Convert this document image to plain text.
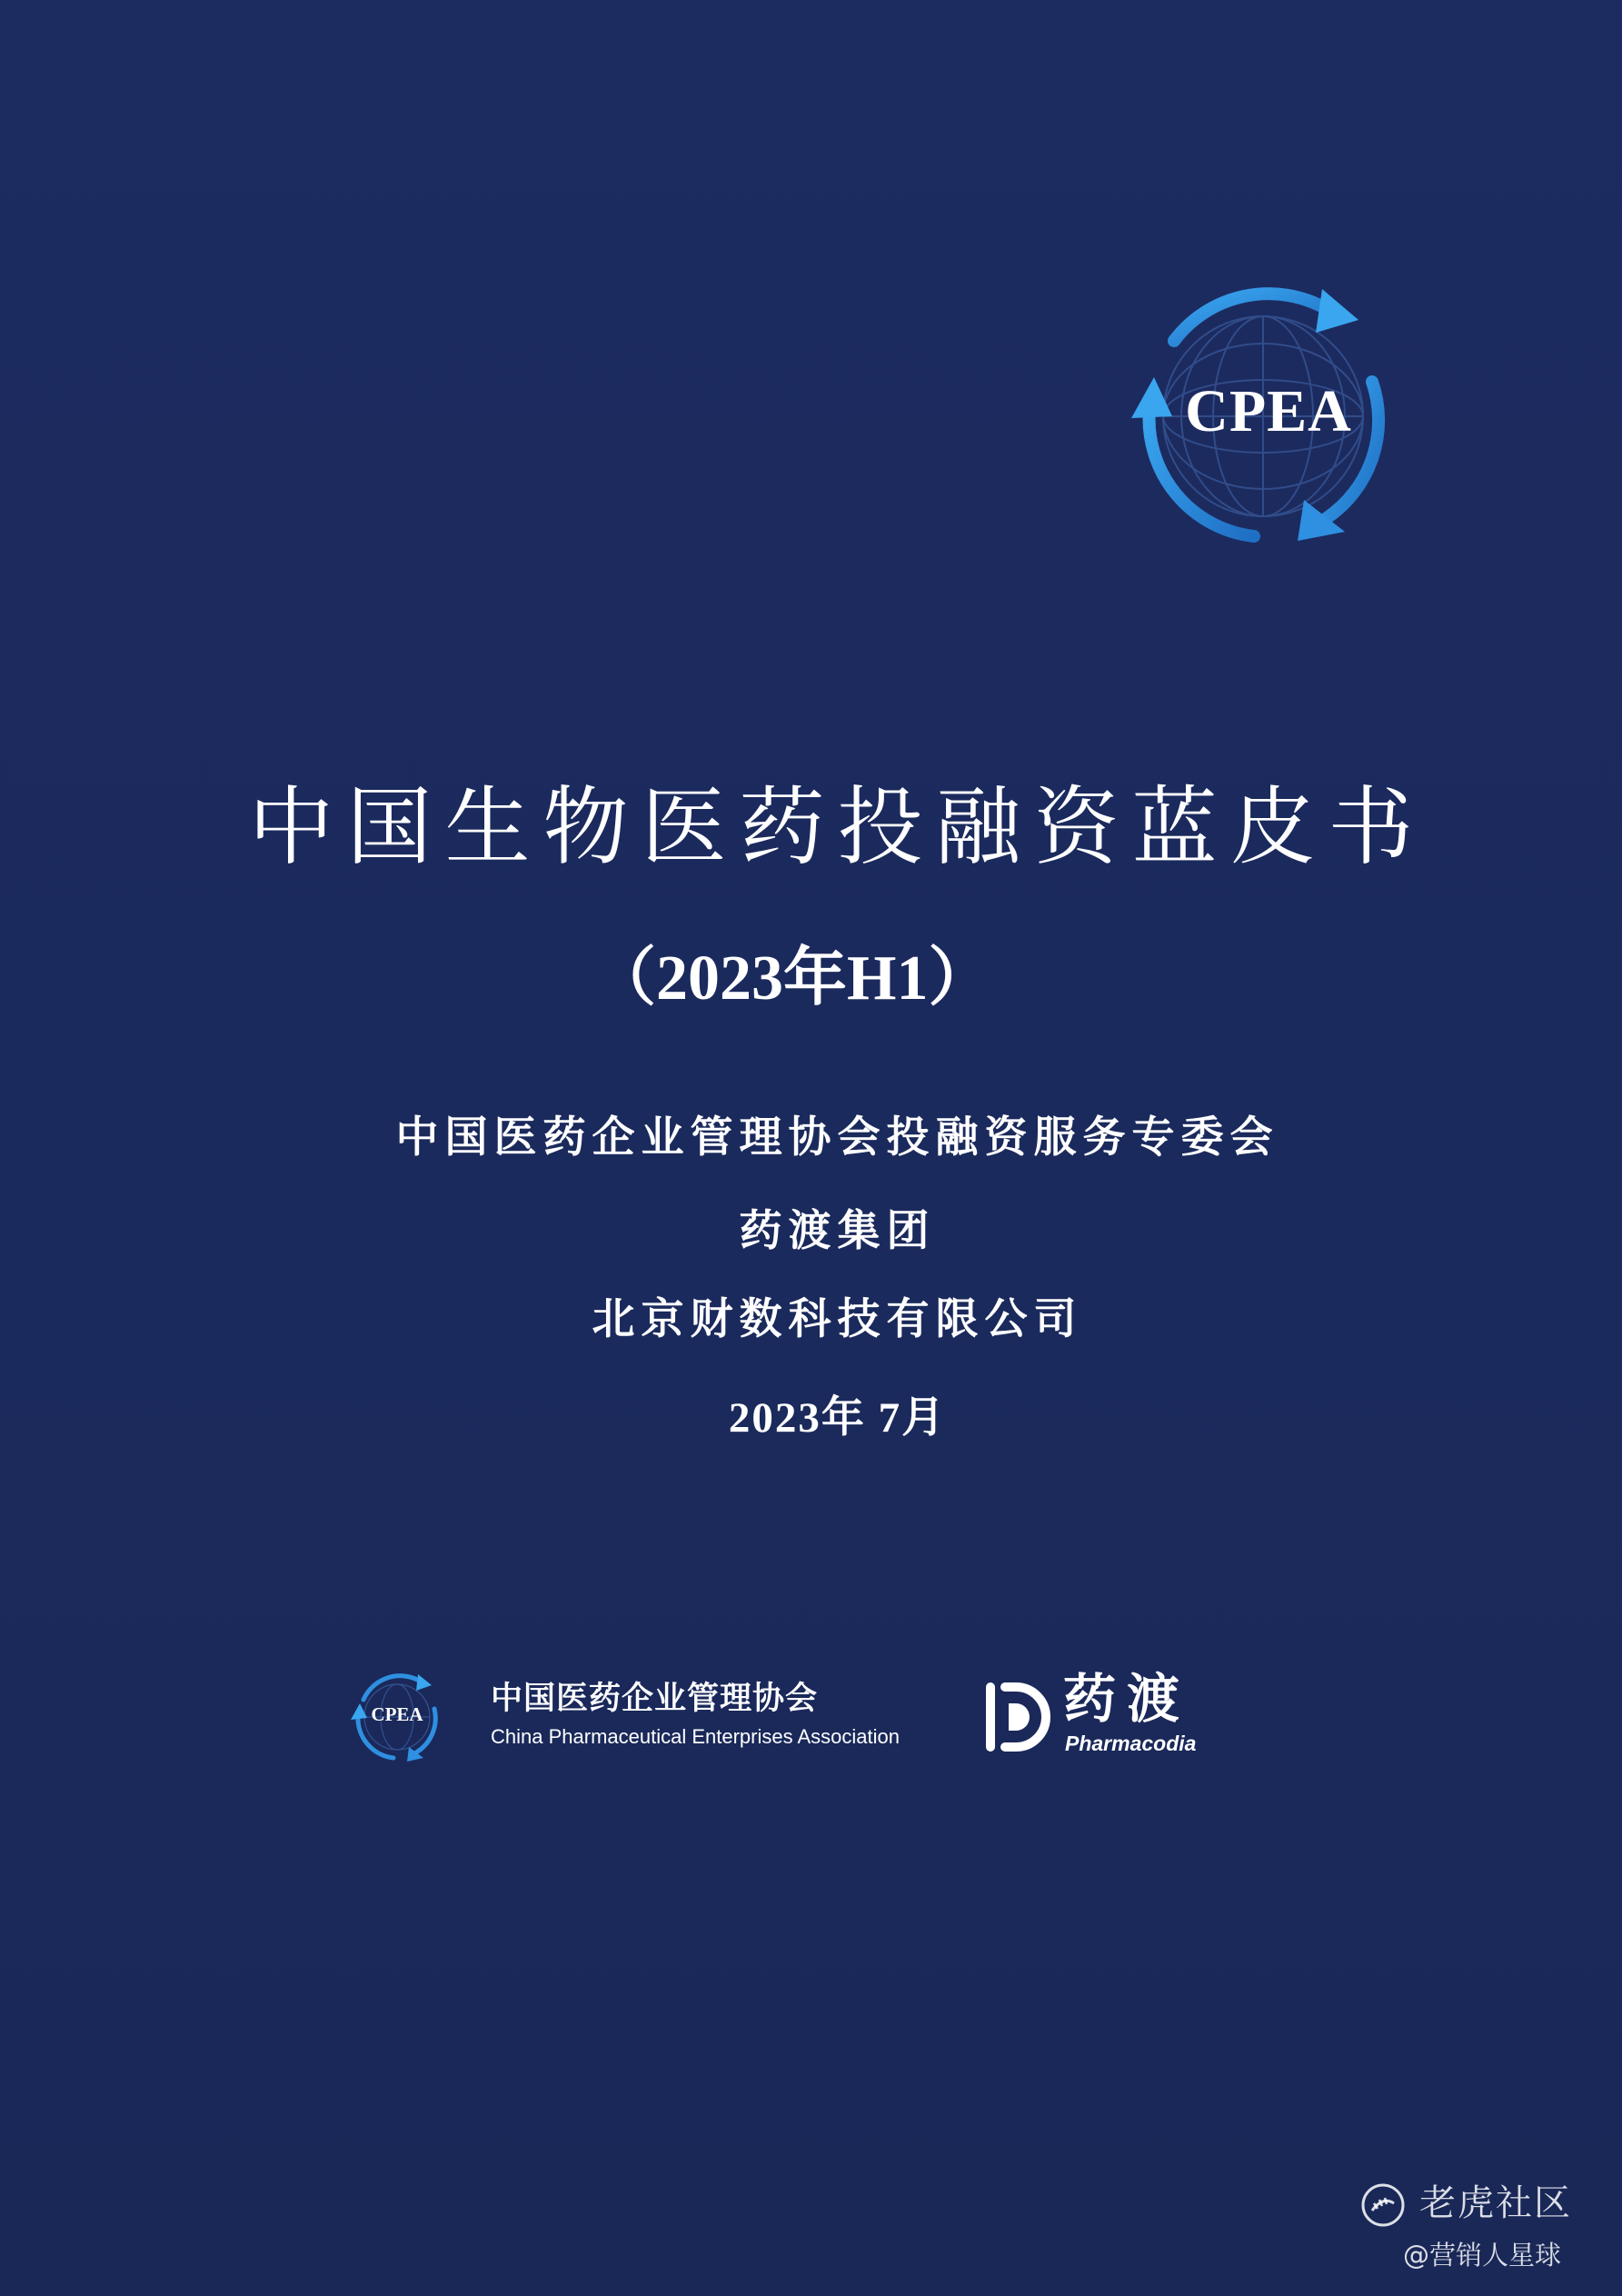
CPEA
中国生物医药投融资蓝皮书
（2023年H1）
中国医药企业管理协会投融资服务专委会
药渡集团
北京财数科技有限公司
2023年 7月
CPEA	中国医药企业管理协会
China Pharmaceutical Enterprises Association
药渡
Pharmacodia
老虎社区
@营销人星球
